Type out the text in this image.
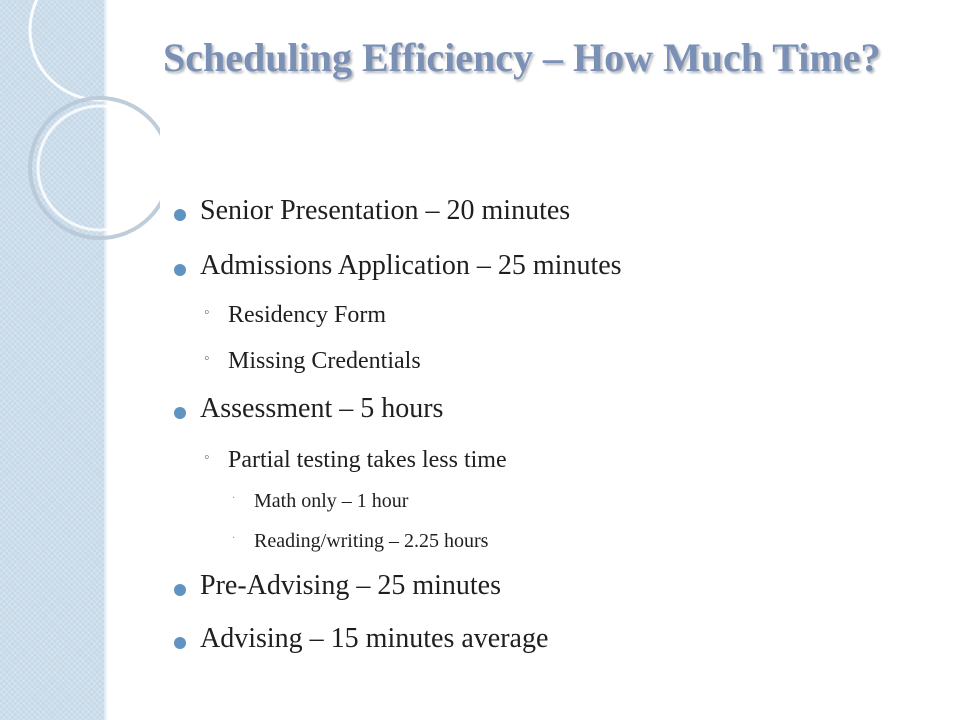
Scheduling Efficiency – How Much Time?
Senior Presentation – 20 minutes
Admissions Application – 25 minutes
◦ Residency Form
◦ Missing Credentials
Assessment – 5 hours
◦ Partial testing takes less time
· Math only – 1 hour
· Reading/writing – 2.25 hours
Pre-Advising – 25 minutes
Advising – 15 minutes average
